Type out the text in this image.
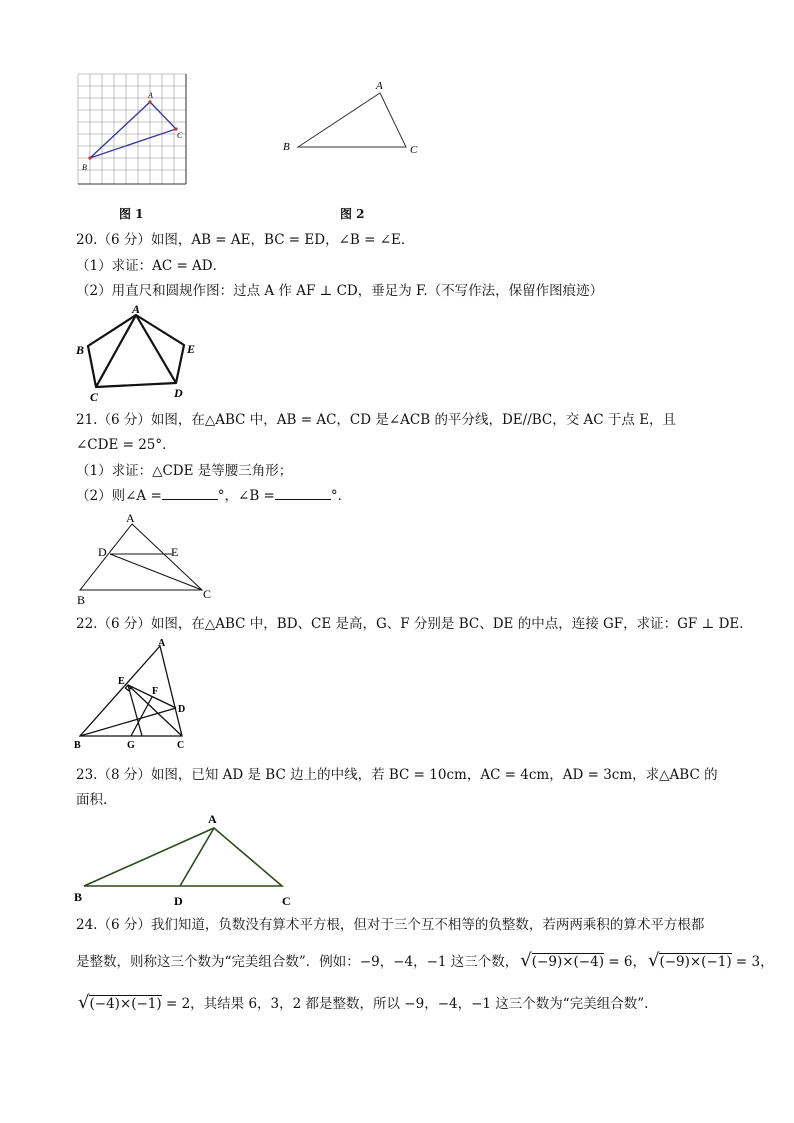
A
B
C
图 1
A
B	C
图 2
20.（6 分）如图，AB = AE，BC = ED，∠B = ∠E．
（1）求证：AC = AD．
（2）用直尺和圆规作图：过点 A 作 AF ⊥ CD，垂足为 F.（不写作法，保留作图痕迹）
A
B
C	D
E
21.（6 分）如图，在△ABC 中，AB = AC，CD 是∠ACB 的平分线，DE//BC，交 AC 于点 E，且
∠CDE = 25°．
（1）求证：△CDE 是等腰三角形；
（2）则∠A =	°，∠B =	°．
A
D	E
B	C
22.（6 分）如图，在△ABC 中，BD、CE 是高，G、F 分别是 BC、DE 的中点，连接 GF，求证：GF ⊥ DE．
A
E
F
D
B	G	C
23.（8 分）如图，已知 AD 是 BC 边上的中线，若 BC = 10cm，AC = 4cm，AD = 3cm，求△ABC 的
面积.
A
B	D	C
24.（6 分）我们知道，负数没有算术平方根，但对于三个互不相等的负整数，若两两乘积的算术平方根都
是整数，则称这三个数为“完美组合数”．例如：−9，−4，−1 这三个数， √(−9)×(−4) = 6， √(−9)×(−1) = 3，
√(−4)×(−1) = 2，其结果 6，3，2 都是整数，所以 −9，−4，−1 这三个数为“完美组合数”.
